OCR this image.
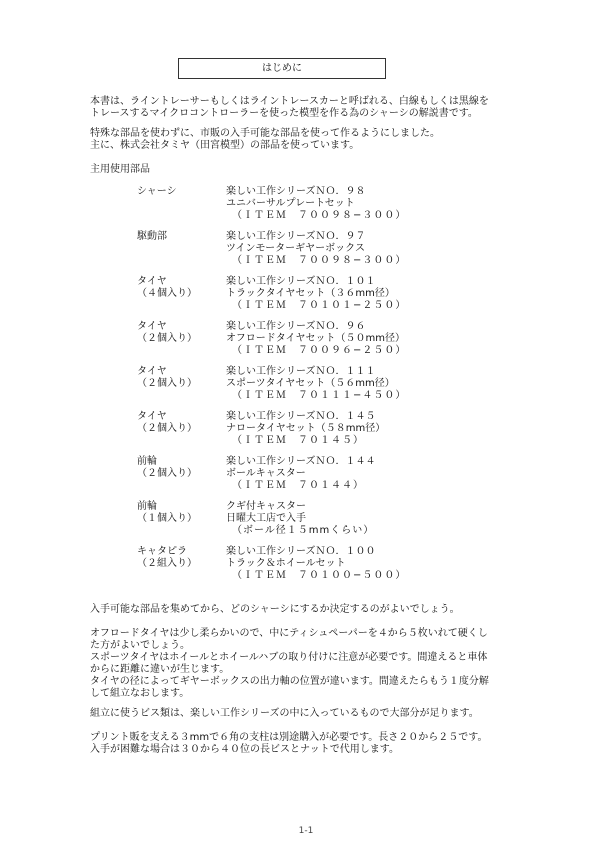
はじめに
本書は、ライントレーサーもしくはライントレースカーと呼ばれる、白線もしくは黒線を
トレースするマイクロコントローラーを使った模型を作る為のシャーシの解説書です。
特殊な部品を使わずに、市販の入手可能な部品を使って作るようにしました。
主に、株式会社タミヤ（田宮模型）の部品を使っています。
主用使用部品
シャーシ	楽しい工作シリーズＮＯ．９８
ユニバーサルプレートセット
（ＩＴＥＭ　７００９８−３００）
駆動部	楽しい工作シリーズＮＯ．９７
ツインモーターギヤーボックス
（ＩＴＥＭ　７００９８−３００）
タイヤ
（４個入り）
楽しい工作シリーズＮＯ．１０１
トラックタイヤセット（３６mm径）
（ＩＴＥＭ　７０１０１−２５０）
タイヤ
（２個入り）
楽しい工作シリーズＮＯ．９６
オフロードタイヤセット（５０mm径）
（ＩＴＥＭ　７００９６−２５０）
タイヤ
（２個入り）
楽しい工作シリーズＮＯ．１１１
スポーツタイヤセット（５６mm径）
（ＩＴＥＭ　７０１１１−４５０）
タイヤ
（２個入り）
楽しい工作シリーズＮＯ．１４５
ナロータイヤセット（５８mm径）
（ＩＴＥＭ　７０１４５）
前輪
（２個入り）
楽しい工作シリーズＮＯ．１４４
ボールキャスター
（ＩＴＥＭ　７０１４４）
前輪
（１個入り）
クギ付キャスター
日曜大工店で入手
（ボール径１５mmくらい）
キャタピラ
（２組入り）
楽しい工作シリーズＮＯ．１００
トラック＆ホイールセット
（ＩＴＥＭ　７０１００−５００）
入手可能な部品を集めてから、どのシャーシにするか決定するのがよいでしょう。
オフロードタイヤは少し柔らかいので、中にティシュペーパーを４から５枚いれて硬くし
た方がよいでしょう。
スポーツタイヤはホイールとホイールハブの取り付けに注意が必要です。間違えると車体
からに距離に違いが生じます。
タイヤの径によってギヤーボックスの出力軸の位置が違います。間違えたらもう１度分解
して組立なおします。
組立に使うビス類は、楽しい工作シリーズの中に入っているもので大部分が足ります。
プリント販を支える３mmで６角の支柱は別途購入が必要です。長さ２０から２５です。
入手が困難な場合は３０から４０位の長ビスとナットで代用します。
1-1
